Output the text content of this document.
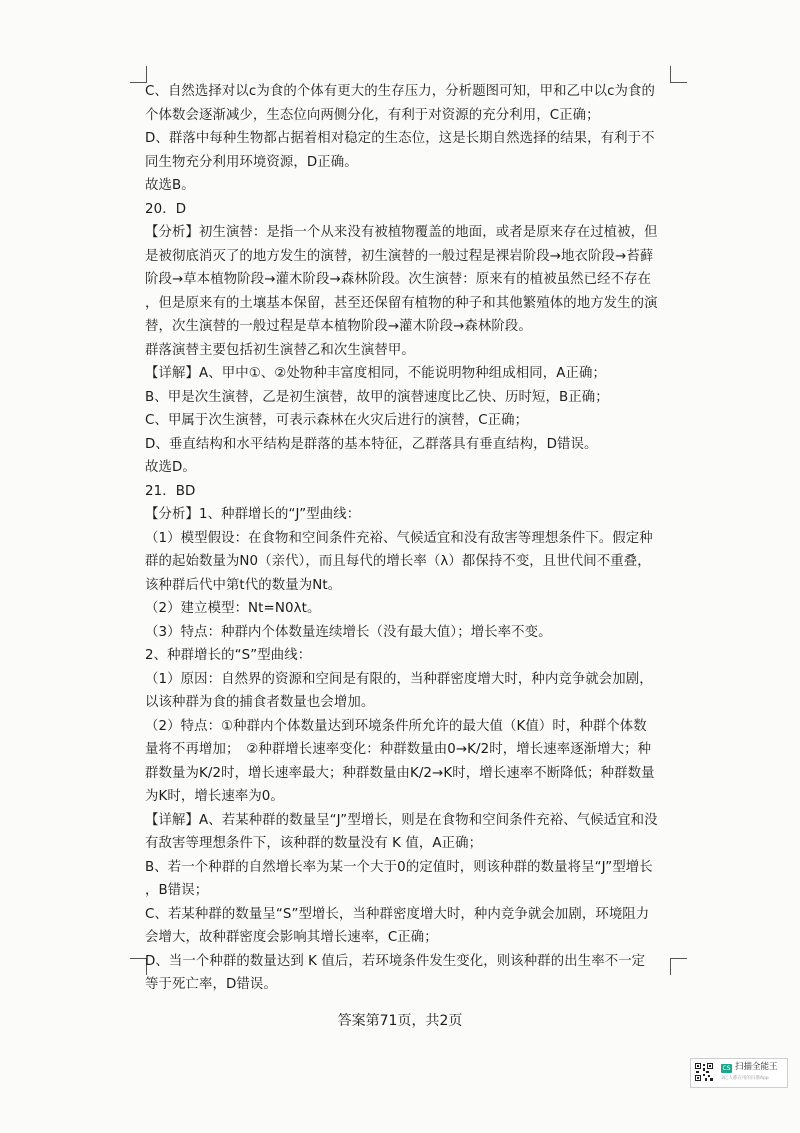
C、自然选择对以c为食的个体有更大的生存压力，分析题图可知，甲和乙中以c为食的
个体数会逐渐减少，生态位向两侧分化，有利于对资源的充分利用，C正确；
D、群落中每种生物都占据着相对稳定的生态位，这是长期自然选择的结果，有利于不
同生物充分利用环境资源，D正确。
故选B。
20．D
【分析】初生演替：是指一个从来没有被植物覆盖的地面，或者是原来存在过植被，但
是被彻底消灭了的地方发生的演替，初生演替的一般过程是裸岩阶段→地衣阶段→苔藓
阶段→草本植物阶段→灌木阶段→森林阶段。次生演替：原来有的植被虽然已经不存在
，但是原来有的土壤基本保留，甚至还保留有植物的种子和其他繁殖体的地方发生的演
替，次生演替的一般过程是草本植物阶段→灌木阶段→森林阶段。
群落演替主要包括初生演替乙和次生演替甲。
【详解】A、甲中①、②处物种丰富度相同，不能说明物种组成相同，A正确；
B、甲是次生演替，乙是初生演替，故甲的演替速度比乙快、历时短，B正确；
C、甲属于次生演替，可表示森林在火灾后进行的演替，C正确；
D、垂直结构和水平结构是群落的基本特征，乙群落具有垂直结构，D错误。
故选D。
21．BD
【分析】1、种群增长的“J”型曲线：
（1）模型假设：在食物和空间条件充裕、气候适宜和没有敌害等理想条件下。假定种
群的起始数量为N0（亲代），而且每代的增长率（λ）都保持不变，且世代间不重叠，
该种群后代中第t代的数量为Nt。
（2）建立模型：Nt=N0λt。
（3）特点：种群内个体数量连续增长（没有最大值）；增长率不变。
2、种群增长的“S”型曲线：
（1）原因：自然界的资源和空间是有限的，当种群密度增大时，种内竞争就会加剧，
以该种群为食的捕食者数量也会增加。
（2）特点：①种群内个体数量达到环境条件所允许的最大值（K值）时，种群个体数
量将不再增加；　②种群增长速率变化：种群数量由0→K/2时，增长速率逐渐增大；种
群数量为K/2时，增长速率最大；种群数量由K/2→K时，增长速率不断降低；种群数量
为K时，增长速率为0。
【详解】A、若某种群的数量呈“J”型增长，则是在食物和空间条件充裕、气候适宜和没
有敌害等理想条件下，该种群的数量没有 K 值，A正确；
B、若一个种群的自然增长率为某一个大于0的定值时，则该种群的数量将呈“J”型增长
，B错误；
C、若某种群的数量呈“S”型增长，当种群密度增大时，种内竞争就会加剧，环境阻力
会增大，故种群密度会影响其增长速率，C正确；
D、当一个种群的数量达到 K 值后，若环境条件发生变化，则该种群的出生率不一定
等于死亡率，D错误。
答案第71页，共2页
CS 扫描全能王
3亿人都在用的扫描App
